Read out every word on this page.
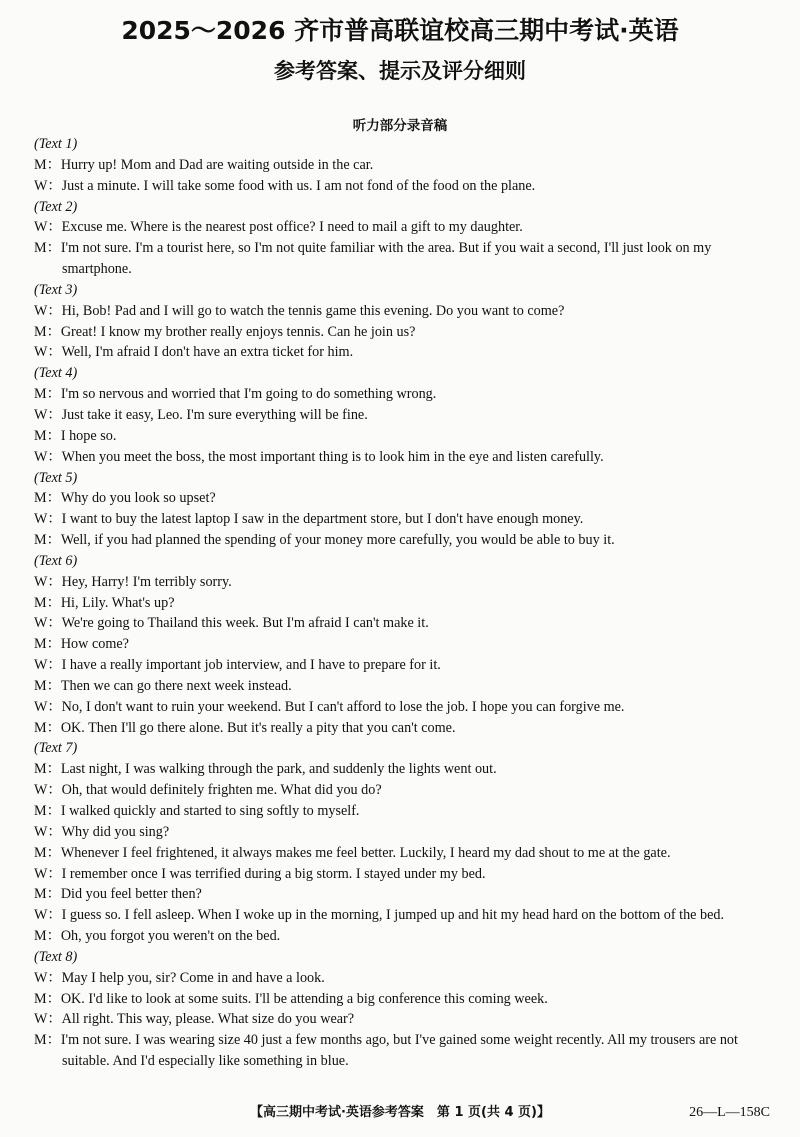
2025～2026 齐市普高联谊校高三期中考试·英语
参考答案、提示及评分细则
听力部分录音稿
(Text 1)
M：Hurry up! Mom and Dad are waiting outside in the car.
W：Just a minute. I will take some food with us. I am not fond of the food on the plane.
(Text 2)
W：Excuse me. Where is the nearest post office? I need to mail a gift to my daughter.
M：I'm not sure. I'm a tourist here, so I'm not quite familiar with the area. But if you wait a second, I'll just look on my smartphone.
(Text 3)
W：Hi, Bob! Pad and I will go to watch the tennis game this evening. Do you want to come?
M：Great! I know my brother really enjoys tennis. Can he join us?
W：Well, I'm afraid I don't have an extra ticket for him.
(Text 4)
M：I'm so nervous and worried that I'm going to do something wrong.
W：Just take it easy, Leo. I'm sure everything will be fine.
M：I hope so.
W：When you meet the boss, the most important thing is to look him in the eye and listen carefully.
(Text 5)
M：Why do you look so upset?
W：I want to buy the latest laptop I saw in the department store, but I don't have enough money.
M：Well, if you had planned the spending of your money more carefully, you would be able to buy it.
(Text 6)
W：Hey, Harry! I'm terribly sorry.
M：Hi, Lily. What's up?
W：We're going to Thailand this week. But I'm afraid I can't make it.
M：How come?
W：I have a really important job interview, and I have to prepare for it.
M：Then we can go there next week instead.
W：No, I don't want to ruin your weekend. But I can't afford to lose the job. I hope you can forgive me.
M：OK. Then I'll go there alone. But it's really a pity that you can't come.
(Text 7)
M：Last night, I was walking through the park, and suddenly the lights went out.
W：Oh, that would definitely frighten me. What did you do?
M：I walked quickly and started to sing softly to myself.
W：Why did you sing?
M：Whenever I feel frightened, it always makes me feel better. Luckily, I heard my dad shout to me at the gate.
W：I remember once I was terrified during a big storm. I stayed under my bed.
M：Did you feel better then?
W：I guess so. I fell asleep. When I woke up in the morning, I jumped up and hit my head hard on the bottom of the bed.
M：Oh, you forgot you weren't on the bed.
(Text 8)
W：May I help you, sir? Come in and have a look.
M：OK. I'd like to look at some suits. I'll be attending a big conference this coming week.
W：All right. This way, please. What size do you wear?
M：I'm not sure. I was wearing size 40 just a few months ago, but I've gained some weight recently. All my trousers are not suitable. And I'd especially like something in blue.
【高三期中考试·英语参考答案　第 1 页(共 4 页)】	26—L—158C
